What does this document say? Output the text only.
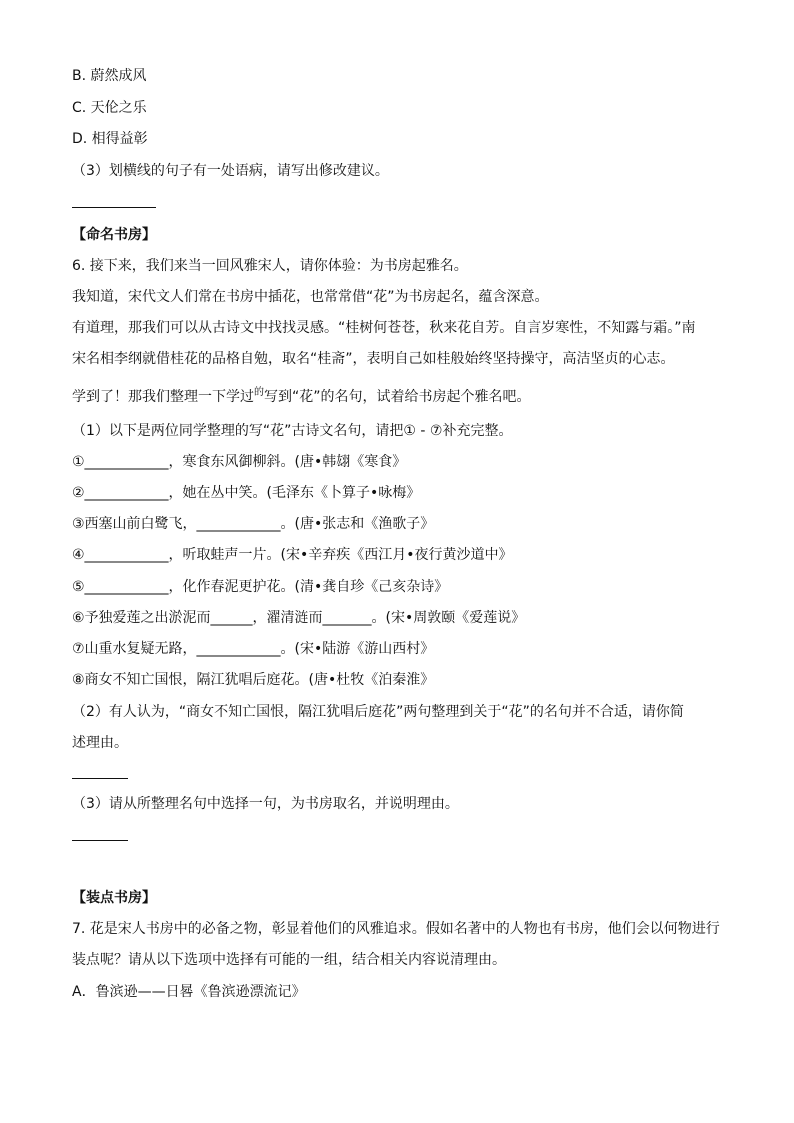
B. 蔚然成风
C. 天伦之乐
D. 相得益彰
（3）划横线的句子有一处语病，请写出修改建议。
【命名书房】
6. 接下来，我们来当一回风雅宋人，请你体验：为书房起雅名。
我知道，宋代文人们常在书房中插花，也常常借“花”为书房起名，蕴含深意。
有道理，那我们可以从古诗文中找找灵感。“桂树何苍苍，秋来花自芳。自言岁寒性，不知露与霜。”南
宋名相李纲就借桂花的品格自勉，取名“桂斋”，表明自己如桂般始终坚持操守，高洁坚贞的心志。
学到了！那我们整理一下学过$^的$写到“花”的名句，试着给书房起个雅名吧。
（1）以下是两位同学整理的写“花”古诗文名句，请把① - ⑦补充完整。
①____________，寒食东风御柳斜。(唐•韩翃《寒食》
②____________，她在丛中笑。(毛泽东《卜算子•咏梅》
③西塞山前白鹭飞，____________。(唐•张志和《渔歌子》
④____________，听取蛙声一片。(宋•辛弃疾《西江月•夜行黄沙道中》
⑤____________，化作春泥更护花。(清•龚自珍《己亥杂诗》
⑥予独爱莲之出淤泥而______，濯清涟而_______。(宋•周敦颐《爱莲说》
⑦山重水复疑无路，____________。(宋•陆游《游山西村》
⑧商女不知亡国恨，隔江犹唱后庭花。(唐•杜牧《泊秦淮》
（2）有人认为，“商女不知亡国恨，隔江犹唱后庭花”两句整理到关于“花”的名句并不合适，请你简
述理由。
（3）请从所整理名句中选择一句，为书房取名，并说明理由。
【装点书房】
7. 花是宋人书房中的必备之物，彰显着他们的风雅追求。假如名著中的人物也有书房，他们会以何物进行
装点呢？请从以下选项中选择有可能的一组，结合相关内容说清理由。
A．鲁滨逊——日晷《鲁滨逊漂流记》
